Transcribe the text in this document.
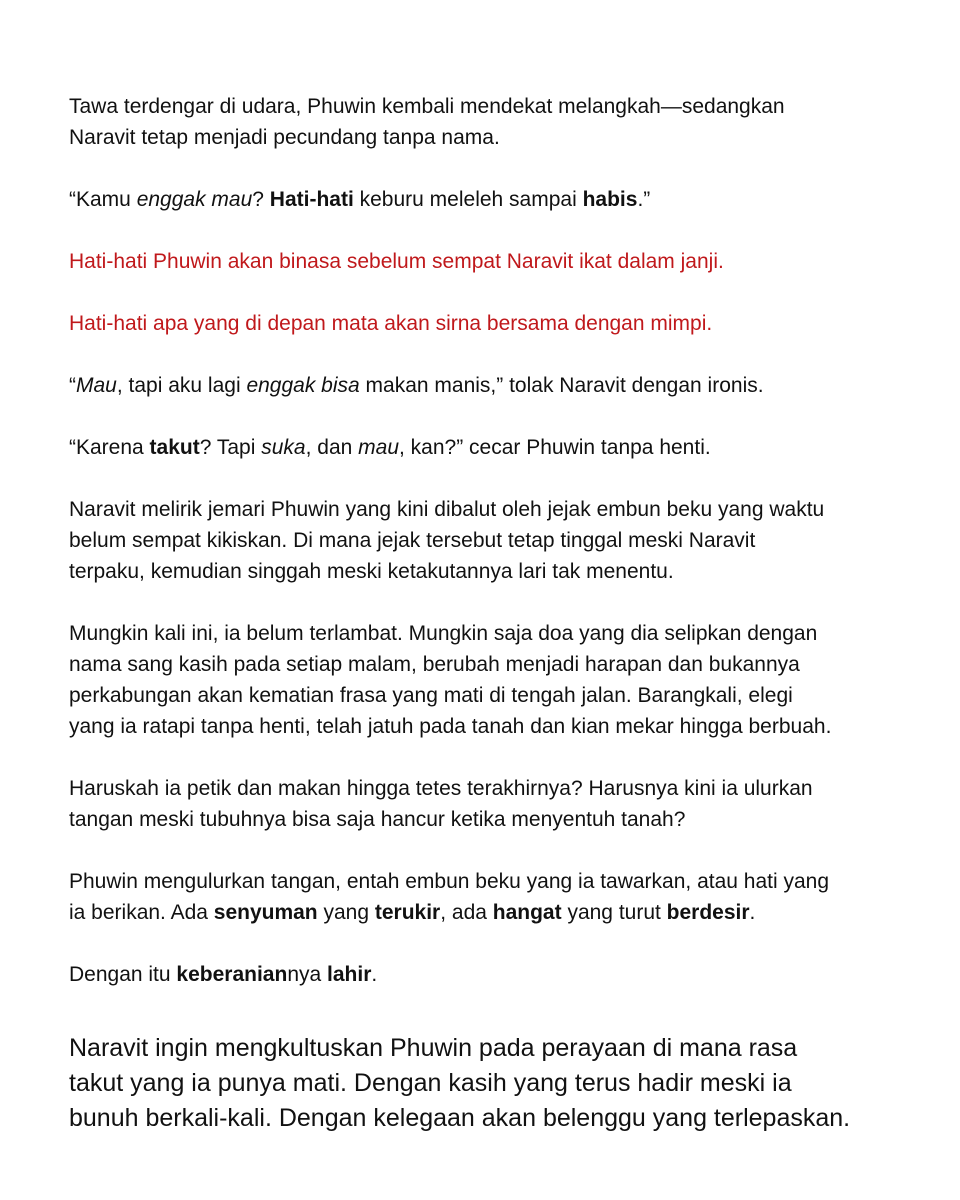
Tawa terdengar di udara, Phuwin kembali mendekat melangkah—sedangkan
Naravit tetap menjadi pecundang tanpa nama.

“Kamu enggak mau? Hati-hati keburu meleleh sampai habis.”

Hati-hati Phuwin akan binasa sebelum sempat Naravit ikat dalam janji.

Hati-hati apa yang di depan mata akan sirna bersama dengan mimpi.

“Mau, tapi aku lagi enggak bisa makan manis,” tolak Naravit dengan ironis.

“Karena takut? Tapi suka, dan mau, kan?” cecar Phuwin tanpa henti.

Naravit melirik jemari Phuwin yang kini dibalut oleh jejak embun beku yang waktu
belum sempat kikiskan. Di mana jejak tersebut tetap tinggal meski Naravit
terpaku, kemudian singgah meski ketakutannya lari tak menentu.

Mungkin kali ini, ia belum terlambat. Mungkin saja doa yang dia selipkan dengan
nama sang kasih pada setiap malam, berubah menjadi harapan dan bukannya
perkabungan akan kematian frasa yang mati di tengah jalan. Barangkali, elegi
yang ia ratapi tanpa henti, telah jatuh pada tanah dan kian mekar hingga berbuah.

Haruskah ia petik dan makan hingga tetes terakhirnya? Harusnya kini ia ulurkan
tangan meski tubuhnya bisa saja hancur ketika menyentuh tanah?

Phuwin mengulurkan tangan, entah embun beku yang ia tawarkan, atau hati yang
ia berikan. Ada senyuman yang terukir, ada hangat yang turut berdesir.

Dengan itu keberaniannya lahir.

Naravit ingin mengkultuskan Phuwin pada perayaan di mana rasa
takut yang ia punya mati. Dengan kasih yang terus hadir meski ia
bunuh berkali-kali. Dengan kelegaan akan belenggu yang terlepaskan.
